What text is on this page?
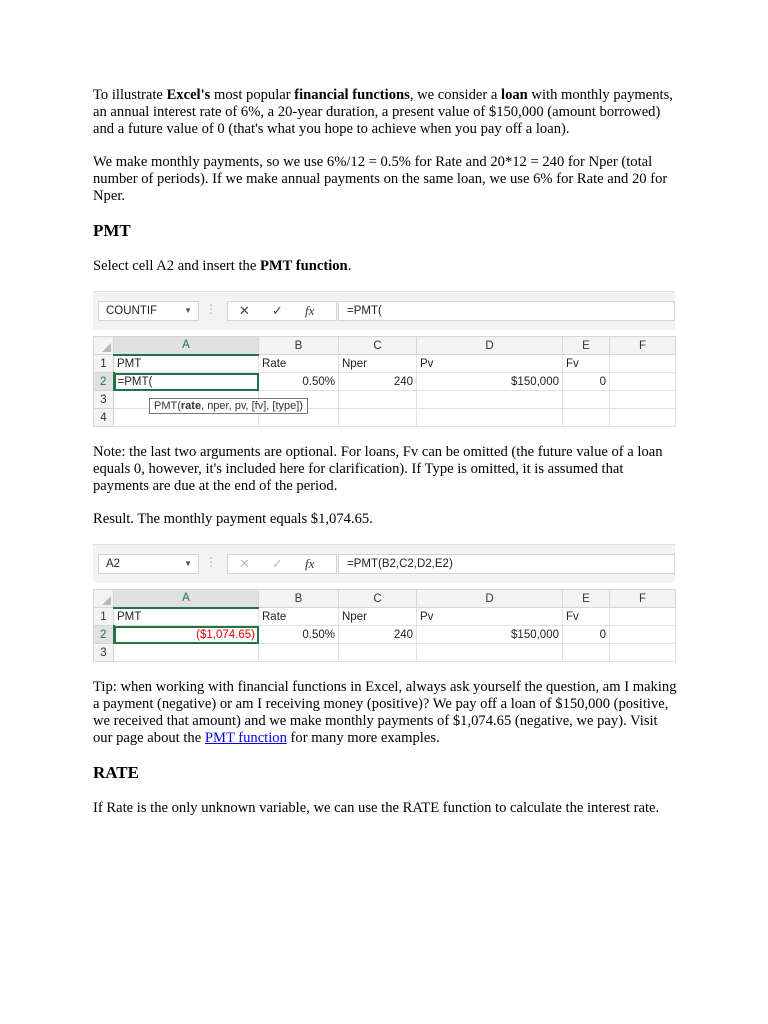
To illustrate Excel's most popular financial functions, we consider a loan with monthly payments, an annual interest rate of 6%, a 20-year duration, a present value of $150,000 (amount borrowed) and a future value of 0 (that's what you hope to achieve when you pay off a loan).

We make monthly payments, so we use 6%/12 = 0.5% for Rate and 20*12 = 240 for Nper (total number of periods). If we make annual payments on the same loan, we use 6% for Rate and 20 for Nper.

PMT

Select cell A2 and insert the PMT function.

COUNTIF	▼ ⋮ ✕ ✓ fx	=PMT(
	A	B	C	D	E	F
1	PMT	Rate	Nper	Pv	Fv	
2	=PMT(	0.50%	240	$150,000	0	
3						
4						
PMT(rate, nper, pv, [fv], [type])

Note: the last two arguments are optional. For loans, Fv can be omitted (the future value of a loan equals 0, however, it's included here for clarification). If Type is omitted, it is assumed that payments are due at the end of the period.

Result. The monthly payment equals $1,074.65.

A2	▼ ⋮ ✕ ✓ fx	=PMT(B2,C2,D2,E2)
	A	B	C	D	E	F
1	PMT	Rate	Nper	Pv	Fv	
2	($1,074.65)	0.50%	240	$150,000	0	
3						

Tip: when working with financial functions in Excel, always ask yourself the question, am I making a payment (negative) or am I receiving money (positive)? We pay off a loan of $150,000 (positive, we received that amount) and we make monthly payments of $1,074.65 (negative, we pay). Visit our page about the PMT function for many more examples.

RATE

If Rate is the only unknown variable, we can use the RATE function to calculate the interest rate.
